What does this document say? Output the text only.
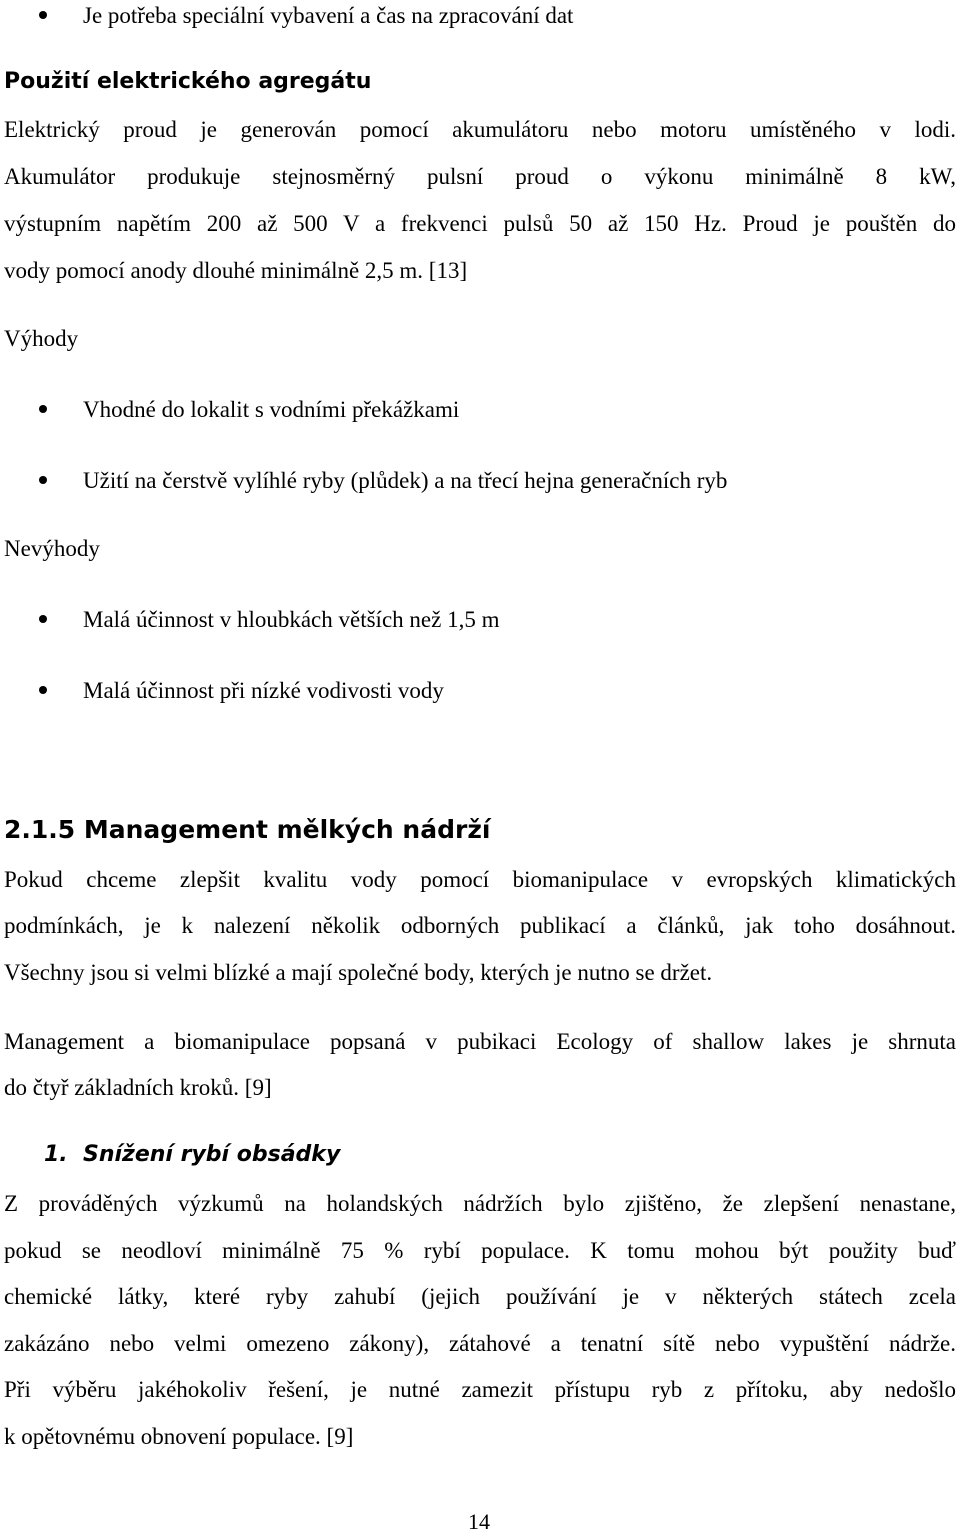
Je potřeba speciální vybavení a čas na zpracování dat
Použití elektrického agregátu
Elektrický proud je generován pomocí akumulátoru nebo motoru umístěného v lodi.
Akumulátor produkuje stejnosměrný pulsní proud o výkonu minimálně 8 kW,
výstupním napětím 200 až 500 V a frekvenci pulsů 50 až 150 Hz. Proud je pouštěn do
vody pomocí anody dlouhé minimálně 2,5 m. [13]
Výhody
Vhodné do lokalit s vodními překážkami
Užití na čerstvě vylíhlé ryby (plůdek) a na třecí hejna generačních ryb
Nevýhody
Malá účinnost v hloubkách větších než 1,5 m
Malá účinnost při nízké vodivosti vody
2.1.5 Management mělkých nádrží
Pokud chceme zlepšit kvalitu vody pomocí biomanipulace v evropských klimatických
podmínkách, je k nalezení několik odborných publikací a článků, jak toho dosáhnout.
Všechny jsou si velmi blízké a mají společné body, kterých je nutno se držet.
Management a biomanipulace popsaná v pubikaci Ecology of shallow lakes je shrnuta
do čtyř základních kroků. [9]
1.  Snížení rybí obsádky
Z prováděných výzkumů na holandských nádržích bylo zjištěno, že zlepšení nenastane,
pokud se neodloví minimálně 75 % rybí populace. K tomu mohou být použity buď
chemické látky, které ryby zahubí (jejich používání je v některých státech zcela
zakázáno nebo velmi omezeno zákony), zátahové a tenatní sítě nebo vypuštění nádrže.
Při výběru jakéhokoliv řešení, je nutné zamezit přístupu ryb z přítoku, aby nedošlo
k opětovnému obnovení populace. [9]
14
